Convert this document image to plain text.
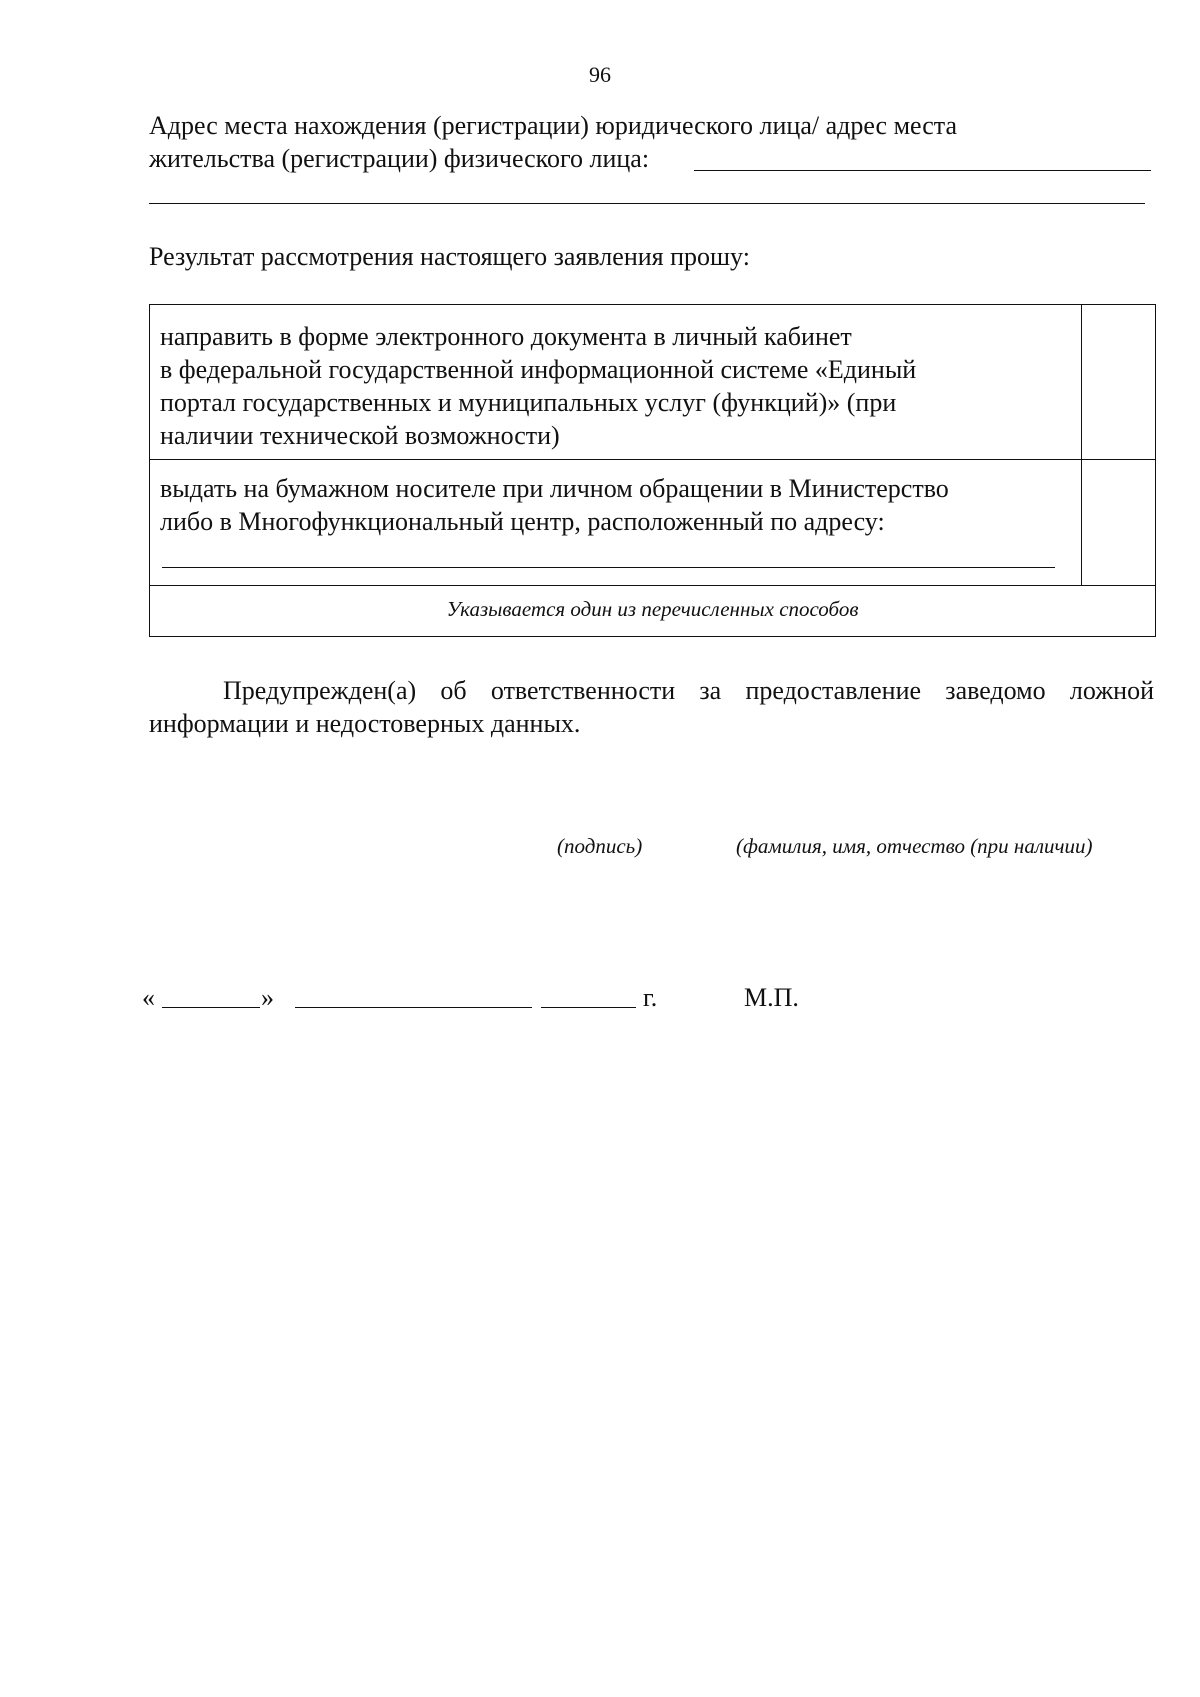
96
Адрес места нахождения (регистрации) юридического лица/ адрес места
жительства (регистрации) физического лица:
Результат рассмотрения настоящего заявления прошу:
направить в форме электронного документа в личный кабинет
в федеральной государственной информационной системе «Единый
портал государственных и муниципальных услуг (функций)» (при
наличии технической возможности)
выдать на бумажном носителе при личном обращении в Министерство
либо в Многофункциональный центр, расположенный по адресу:
Указывается один из перечисленных способов
Предупрежден(а) об ответственности за предоставление заведомо ложной информации и недостоверных данных.
(подпись)	(фамилия, имя, отчество (при наличии)
«	»	г.	М.П.
